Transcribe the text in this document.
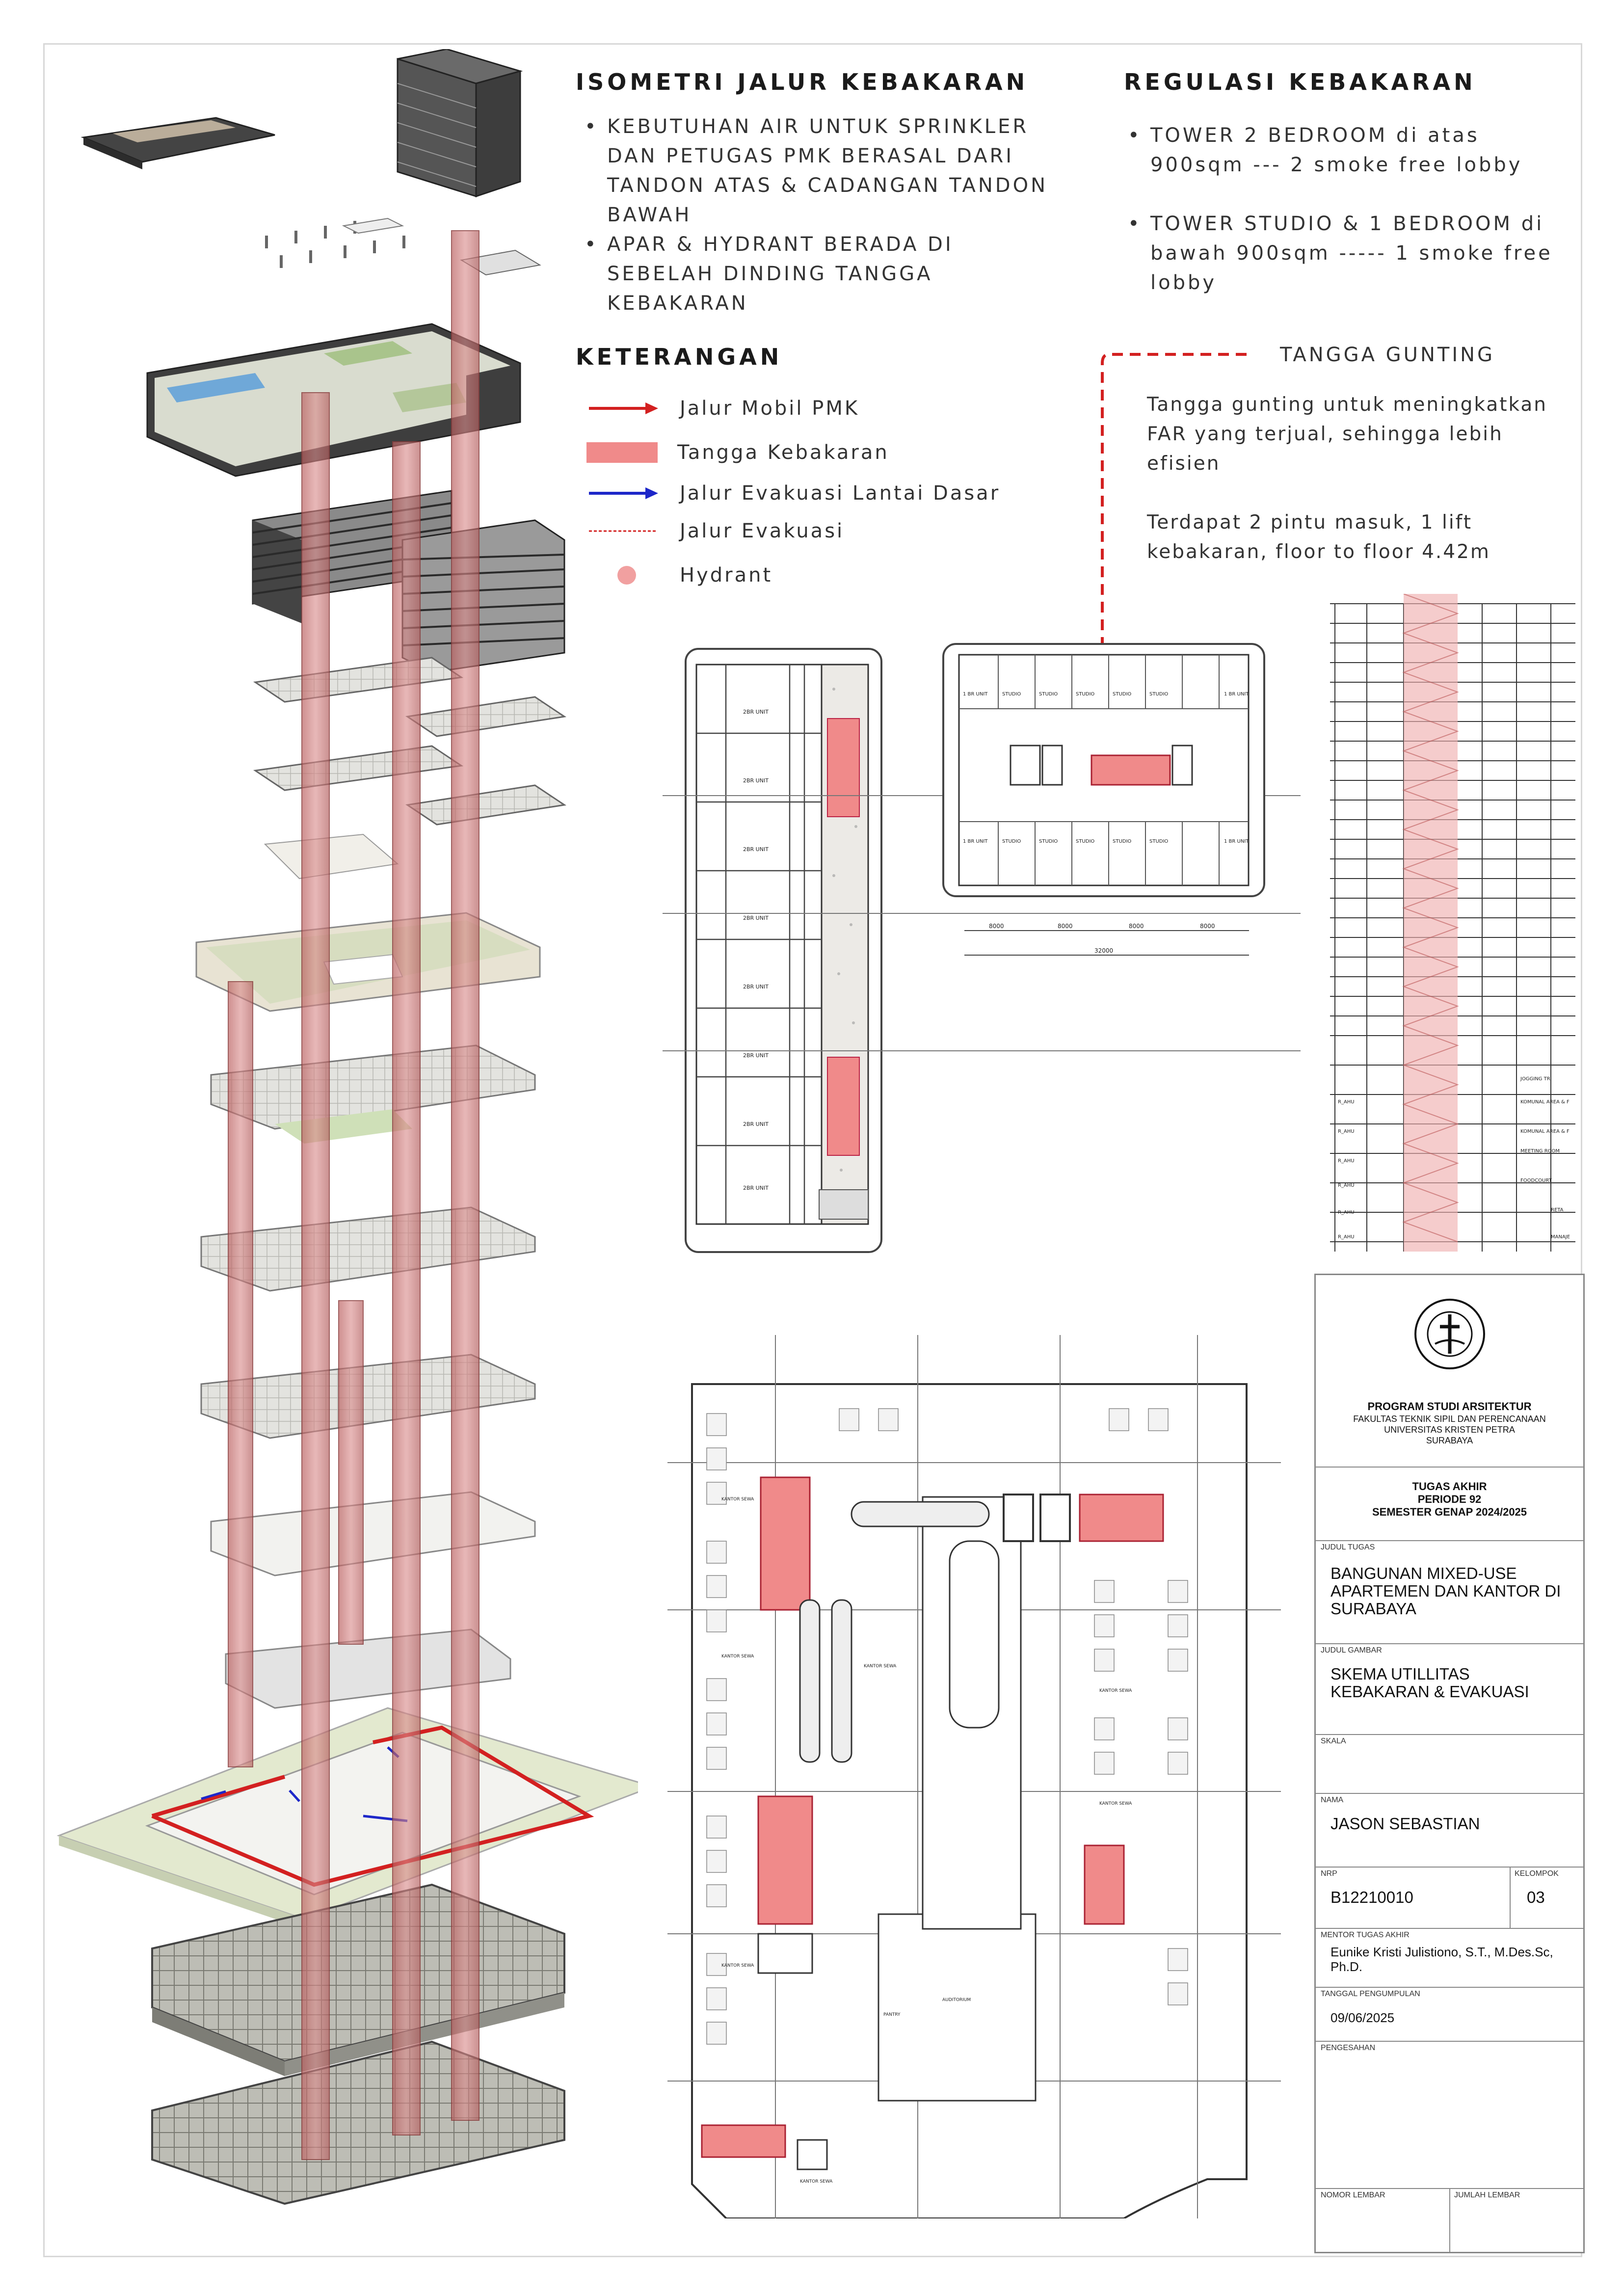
ISOMETRI JALUR KEBAKARAN
• KEBUTUHAN AIR UNTUK SPRINKLER DAN PETUGAS PMK BERASAL DARI TANDON ATAS & CADANGAN TANDON BAWAH
• APAR & HYDRANT BERADA DI SEBELAH DINDING TANGGA KEBAKARAN
REGULASI KEBAKARAN
• TOWER 2 BEDROOM di atas 900sqm --- 2 smoke free lobby
• TOWER STUDIO & 1 BEDROOM di bawah 900sqm ----- 1 smoke free lobby
KETERANGAN
Jalur Mobil PMK
Tangga Kebakaran
Jalur Evakuasi Lantai Dasar
Jalur Evakuasi
Hydrant
TANGGA GUNTING
Tangga gunting untuk meningkatkan FAR yang terjual, sehingga lebih efisien
Terdapat 2 pintu masuk, 1 lift kebakaran, floor to floor 4.42m
2BR UNIT
2BR UNIT
2BR UNIT
2BR UNIT
2BR UNIT
2BR UNIT
2BR UNIT
2BR UNIT
1 BR UNIT	STUDIO	STUDIO	STUDIO	STUDIO	STUDIO	1 BR UNIT
1 BR UNIT	STUDIO	STUDIO	STUDIO	STUDIO	STUDIO	1 BR UNIT
8000	8000	8000	8000
32000
JOGGING TR
KOMUNAL AREA & F
KOMUNAL AREA & F
MEETING ROOM
FOODCOURT
RETA
MANAJE
R_AHU
R_AHU
R_AHU
R_AHU
R_AHU
R_AHU
KANTOR SEWA
KANTOR SEWA
KANTOR SEWA
KANTOR SEWA
KANTOR SEWA
KANTOR SEWA
KANTOR SEWA
AUDITORIUM
PANTRY
PROGRAM STUDI ARSITEKTUR
FAKULTAS TEKNIK SIPIL DAN PERENCANAAN
UNIVERSITAS KRISTEN PETRA
SURABAYA
TUGAS AKHIR
PERIODE 92
SEMESTER GENAP 2024/2025
JUDUL TUGAS
BANGUNAN MIXED-USE APARTEMEN DAN KANTOR DI SURABAYA
JUDUL GAMBAR
SKEMA UTILLITAS KEBAKARAN & EVAKUASI
SKALA
NAMA
JASON SEBASTIAN
NRP
B12210010
KELOMPOK
03
MENTOR TUGAS AKHIR
Eunike Kristi Julistiono, S.T., M.Des.Sc, Ph.D.
TANGGAL PENGUMPULAN
09/06/2025
PENGESAHAN
NOMOR LEMBAR	JUMLAH LEMBAR
